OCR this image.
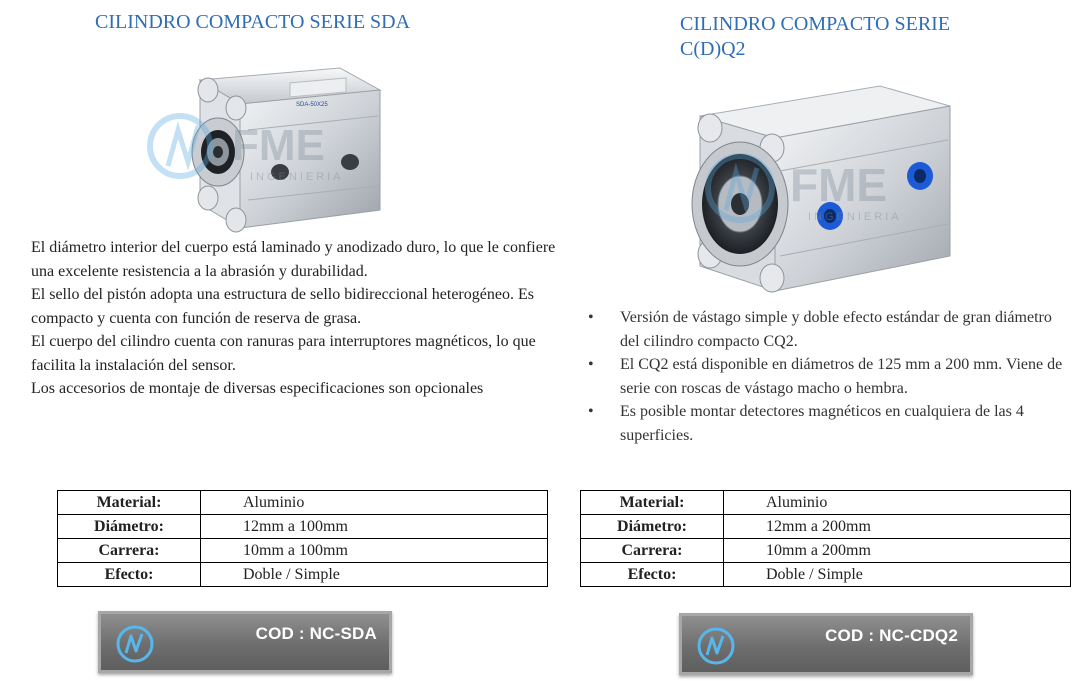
CILINDRO COMPACTO SERIE SDA
SDA-50X25
FME
INGENIERIA

El diámetro interior del cuerpo está laminado y anodizado duro, lo que le confiere una excelente resistencia a la abrasión y durabilidad.

El sello del pistón adopta una estructura de sello bidireccional heterogéneo. Es compacto y cuenta con función de reserva de grasa.

El cuerpo del cilindro cuenta con ranuras para interruptores magnéticos, lo que facilita la instalación del sensor.

Los accesorios de montaje de diversas especificaciones son opcionales

Material:	Aluminio
Diámetro:	12mm a 100mm
Carrera:	10mm a 100mm
Efecto:	Doble / Simple
COD : NC-SDA
CILINDRO COMPACTO SERIE C(D)Q2
FME
INGENIERIA
• Versión de vástago simple y doble efecto estándar de gran diámetro del cilindro compacto CQ2.
• El CQ2 está disponible en diámetros de 125 mm a 200 mm. Viene de serie con roscas de vástago macho o hembra.
• Es posible montar detectores magnéticos en cualquiera de las 4 superficies.
Material:	Aluminio
Diámetro:	12mm a 200mm
Carrera:	10mm a 200mm
Efecto:	Doble / Simple
COD : NC-CDQ2
